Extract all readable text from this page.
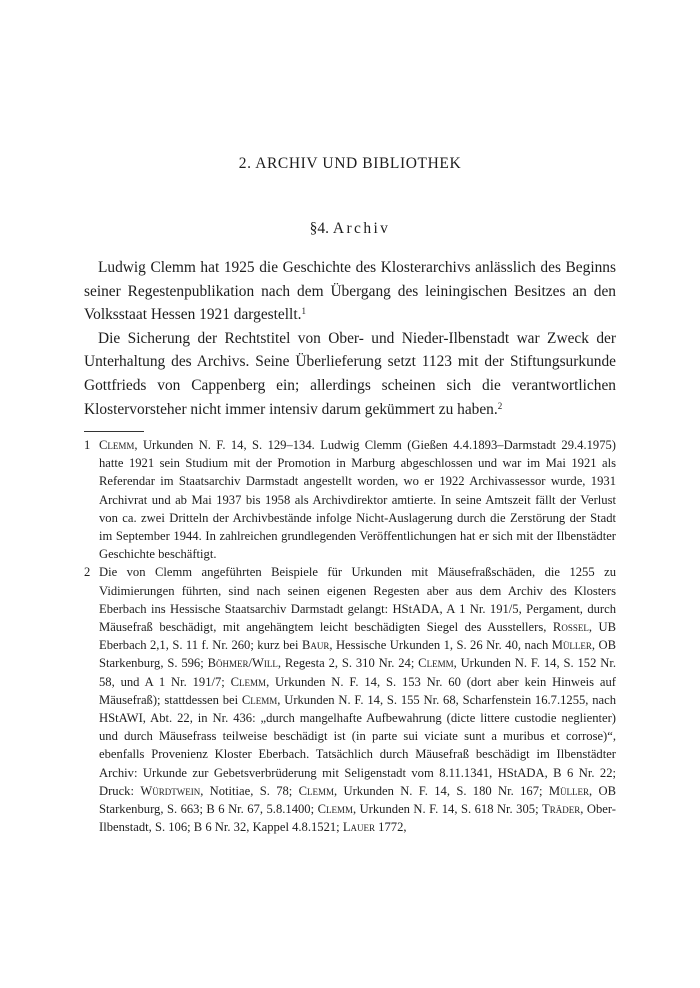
2. ARCHIV UND BIBLIOTHEK
§4. Archiv

Ludwig Clemm hat 1925 die Geschichte des Klosterarchivs anlässlich des Beginns seiner Regestenpublikation nach dem Übergang des leiningischen Besitzes an den Volksstaat Hessen 1921 dargestellt.$^1$

Die Sicherung der Rechtstitel von Ober- und Nieder-Ilbenstadt war Zweck der Unterhaltung des Archivs. Seine Überlieferung setzt 1123 mit der Stiftungsurkunde Gottfrieds von Cappenberg ein; allerdings scheinen sich die verantwortlichen Klostervorsteher nicht immer intensiv darum gekümmert zu haben.$^2$

1 Clemm, Urkunden N. F. 14, S. 129–134. Ludwig Clemm (Gießen 4.4.1893–Darmstadt 29.4.1975) hatte 1921 sein Studium mit der Promotion in Marburg abgeschlossen und war im Mai 1921 als Referendar im Staatsarchiv Darmstadt angestellt worden, wo er 1922 Archivassessor wurde, 1931 Archivrat und ab Mai 1937 bis 1958 als Archivdirektor amtierte. In seine Amtszeit fällt der Verlust von ca. zwei Dritteln der Archivbestände infolge Nicht-Auslagerung durch die Zerstörung der Stadt im September 1944. In zahlreichen grundlegenden Veröffentlichungen hat er sich mit der Ilbenstädter Geschichte beschäftigt.
2 Die von Clemm angeführten Beispiele für Urkunden mit Mäusefraßschäden, die 1255 zu Vidimierungen führten, sind nach seinen eigenen Regesten aber aus dem Archiv des Klosters Eberbach ins Hessische Staatsarchiv Darmstadt gelangt: HStADA, A 1 Nr. 191/5, Pergament, durch Mäusefraß beschädigt, mit angehängtem leicht beschädigten Siegel des Ausstellers, Rossel, UB Eberbach 2,1, S. 11 f. Nr. 260; kurz bei Baur, Hessische Urkunden 1, S. 26 Nr. 40, nach Müller, OB Starkenburg, S. 596; Böhmer/Will, Regesta 2, S. 310 Nr. 24; Clemm, Urkunden N. F. 14, S. 152 Nr. 58, und A 1 Nr. 191/7; Clemm, Urkunden N. F. 14, S. 153 Nr. 60 (dort aber kein Hinweis auf Mäusefraß); stattdessen bei Clemm, Urkunden N. F. 14, S. 155 Nr. 68, Scharfenstein 16.7.1255, nach HStAWI, Abt. 22, in Nr. 436: „durch mangelhafte Aufbewahrung (dicte littere custodie neglienter) und durch Mäusefrass teilweise beschädigt ist (in parte sui viciate sunt a muribus et corrose)“, ebenfalls Provenienz Kloster Eberbach. Tatsächlich durch Mäusefraß beschädigt im Ilbenstädter Archiv: Urkunde zur Gebetsverbrüderung mit Seligenstadt vom 8.11.1341, HStADA, B 6 Nr. 22; Druck: Würdtwein, Notitiae, S. 78; Clemm, Urkunden N. F. 14, S. 180 Nr. 167; Müller, OB Starkenburg, S. 663; B 6 Nr. 67, 5.8.1400; Clemm, Urkunden N. F. 14, S. 618 Nr. 305; Träder, Ober-Ilbenstadt, S. 106; B 6 Nr. 32, Kappel 4.8.1521; Lauer 1772,
